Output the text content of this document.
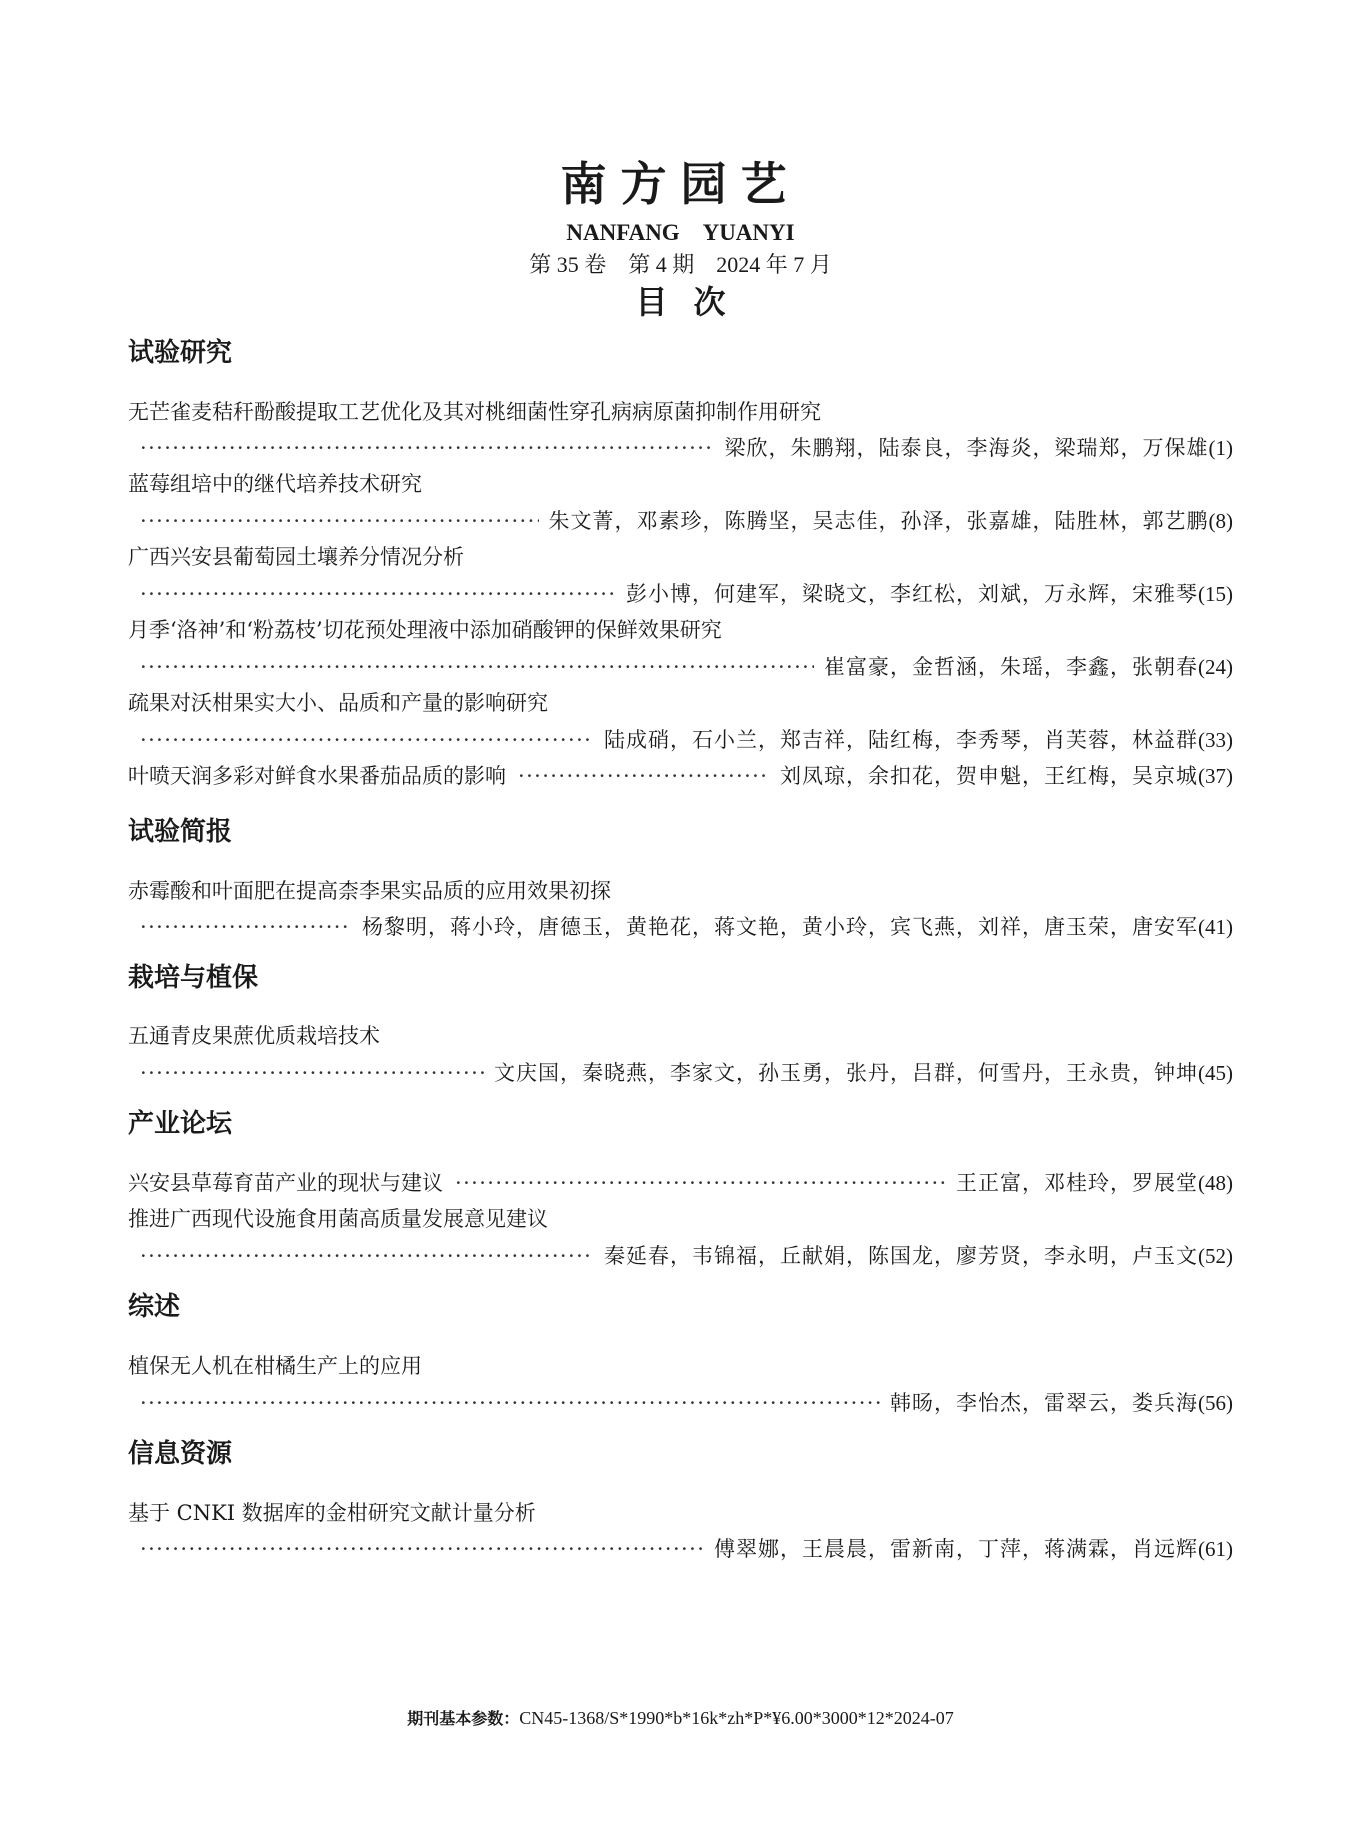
南方园艺
NANFANG YUANYI
第 35 卷　第 4 期　2024 年 7 月
目次
试验研究
无芒雀麦秸秆酚酸提取工艺优化及其对桃细菌性穿孔病病原菌抑制作用研究
·····
梁欣，朱鹏翔，陆泰良，李海炎，梁瑞郑，万保雄 (1)
蓝莓组培中的继代培养技术研究
·····
朱文菁，邓素珍，陈腾坚，吴志佳，孙泽，张嘉雄，陆胜林，郭艺鹏 (8)
广西兴安县葡萄园土壤养分情况分析
·····
彭小博，何建军，梁晓文，李红松，刘斌，万永辉，宋雅琴 (15)
月季‘洛神’和‘粉荔枝’切花预处理液中添加硝酸钾的保鲜效果研究
·····
崔富豪，金哲涵，朱瑶，李鑫，张朝春 (24)
疏果对沃柑果实大小、品质和产量的影响研究
·····
陆成硝，石小兰，郑吉祥，陆红梅，李秀琴，肖芙蓉，林益群 (33)
叶喷天润多彩对鲜食水果番茄品质的影响 ·····	刘凤琼，余扣花，贺申魁，王红梅，吴京城 (37)
试验简报
赤霉酸和叶面肥在提高柰李果实品质的应用效果初探
·····
杨黎明，蒋小玲，唐德玉，黄艳花，蒋文艳，黄小玲，宾飞燕，刘祥，唐玉荣，唐安军 (41)
栽培与植保
五通青皮果蔗优质栽培技术
·····
文庆国，秦晓燕，李家文，孙玉勇，张丹，吕群，何雪丹，王永贵，钟坤 (45)
产业论坛
兴安县草莓育苗产业的现状与建议 ·····	王正富，邓桂玲，罗展堂 (48)
推进广西现代设施食用菌高质量发展意见建议
·····
秦延春，韦锦福，丘献娟，陈国龙，廖芳贤，李永明，卢玉文 (52)
综述
植保无人机在柑橘生产上的应用
·····
韩旸，李怡杰，雷翠云，娄兵海 (56)
信息资源
基于 CNKI 数据库的金柑研究文献计量分析
·····
傅翠娜，王晨晨，雷新南，丁萍，蒋满霖，肖远辉 (61)
期刊基本参数：CN45-1368/S*1990*b*16k*zh*P*¥6.00*3000*12*2024-07
